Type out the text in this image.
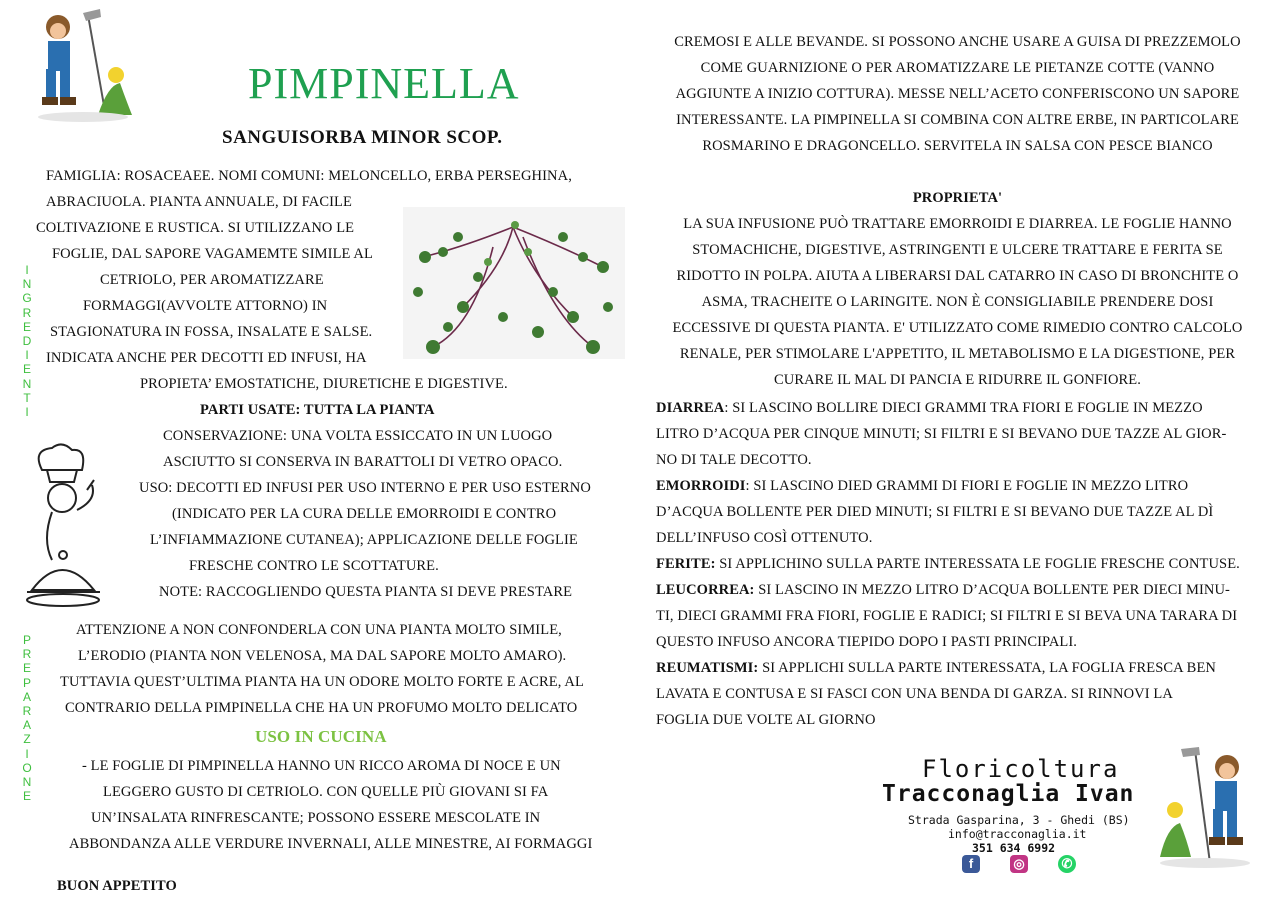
PIMPINELLA
SANGUISORBA MINOR SCOP.
I
N
G
R
E
D
I
E
N
T
I
P
R
E
P
A
R
A
Z
I
O
N
E
FAMIGLIA: ROSACEAEE. NOMI COMUNI: MELONCELLO, ERBA PERSEGHINA,
ABRACIUOLA. PIANTA ANNUALE, DI FACILE
COLTIVAZIONE E RUSTICA. SI UTILIZZANO LE
FOGLIE, DAL SAPORE VAGAMEMTE SIMILE AL
CETRIOLO, PER AROMATIZZARE
FORMAGGI(AVVOLTE ATTORNO) IN
STAGIONATURA IN FOSSA, INSALATE E SALSE.
INDICATA ANCHE PER DECOTTI ED INFUSI, HA
PROPIETA’ EMOSTATICHE, DIURETICHE E DIGESTIVE.
PARTI USATE: TUTTA LA PIANTA
CONSERVAZIONE: UNA VOLTA ESSICCATO IN UN LUOGO
ASCIUTTO SI CONSERVA IN BARATTOLI DI VETRO OPACO.
USO: DECOTTI ED INFUSI PER USO INTERNO E PER USO ESTERNO
(INDICATO PER LA CURA DELLE EMORROIDI E CONTRO
L’INFIAMMAZIONE CUTANEA); APPLICAZIONE DELLE FOGLIE
FRESCHE CONTRO LE SCOTTATURE.
NOTE: RACCOGLIENDO QUESTA PIANTA SI DEVE PRESTARE
ATTENZIONE A NON CONFONDERLA CON UNA PIANTA MOLTO SIMILE,
L’ERODIO (PIANTA NON VELENOSA, MA DAL SAPORE MOLTO AMARO).
TUTTAVIA QUEST’ULTIMA PIANTA HA UN ODORE MOLTO FORTE E ACRE, AL
CONTRARIO DELLA PIMPINELLA CHE HA UN PROFUMO MOLTO DELICATO
USO IN CUCINA
- LE FOGLIE DI PIMPINELLA HANNO UN RICCO AROMA DI NOCE E UN
LEGGERO GUSTO DI CETRIOLO. CON QUELLE PIÙ GIOVANI SI FA
UN’INSALATA RINFRESCANTE; POSSONO ESSERE MESCOLATE IN
ABBONDANZA ALLE VERDURE INVERNALI, ALLE MINESTRE, AI FORMAGGI
BUON APPETITO
CREMOSI E ALLE BEVANDE. SI POSSONO ANCHE USARE A GUISA DI PREZZEMOLO
COME GUARNIZIONE O PER AROMATIZZARE LE PIETANZE COTTE (VANNO
AGGIUNTE A INIZIO COTTURA). MESSE NELL’ACETO CONFERISCONO UN SAPORE
INTERESSANTE. LA PIMPINELLA SI COMBINA CON ALTRE ERBE, IN PARTICOLARE
ROSMARINO E DRAGONCELLO. SERVITELA IN SALSA CON PESCE BIANCO
PROPRIETA'
LA SUA INFUSIONE PUÒ TRATTARE EMORROIDI E DIARREA. LE FOGLIE HANNO
STOMACHICHE, DIGESTIVE, ASTRINGENTI E ULCERE TRATTARE E FERITA SE
RIDOTTO IN POLPA. AIUTA A LIBERARSI DAL CATARRO IN CASO DI BRONCHITE O
ASMA, TRACHEITE O LARINGITE. NON È CONSIGLIABILE PRENDERE DOSI
ECCESSIVE DI QUESTA PIANTA. E' UTILIZZATO COME RIMEDIO CONTRO CALCOLO
RENALE, PER STIMOLARE L'APPETITO, IL METABOLISMO E LA DIGESTIONE, PER
CURARE IL MAL DI PANCIA E RIDURRE IL GONFIORE.
DIARREA: SI LASCINO BOLLIRE DIECI GRAMMI TRA FIORI E FOGLIE IN MEZZO
LITRO D’ACQUA PER CINQUE MINUTI; SI FILTRI E SI BEVANO DUE TAZZE AL GIOR-
NO DI TALE DECOTTO.
EMORROIDI: SI LASCINO DIED GRAMMI DI FIORI E FOGLIE IN MEZZO LITRO
D’ACQUA BOLLENTE PER DIED MINUTI; SI FILTRI E SI BEVANO DUE TAZZE AL DÌ
DELL’INFUSO COSÌ OTTENUTO.
FERITE: SI APPLICHINO SULLA PARTE INTERESSATA LE FOGLIE FRESCHE CONTUSE.
LEUCORREA: SI LASCINO IN MEZZO LITRO D’ACQUA BOLLENTE PER DIECI MINU-
TI, DIECI GRAMMI FRA FIORI, FOGLIE E RADICI; SI FILTRI E SI BEVA UNA TARARA DI
QUESTO INFUSO ANCORA TIEPIDO DOPO I PASTI PRINCIPALI.
REUMATISMI: SI APPLICHI SULLA PARTE INTERESSATA, LA FOGLIA FRESCA BEN
LAVATA E CONTUSA E SI FASCI CON UNA BENDA DI GARZA. SI RINNOVI LA
FOGLIA DUE VOLTE AL GIORNO
Floricoltura
Tracconaglia Ivan
Strada Gasparina, 3 - Ghedi (BS)
info@tracconaglia.it
351 634 6992
f	◎	✆
